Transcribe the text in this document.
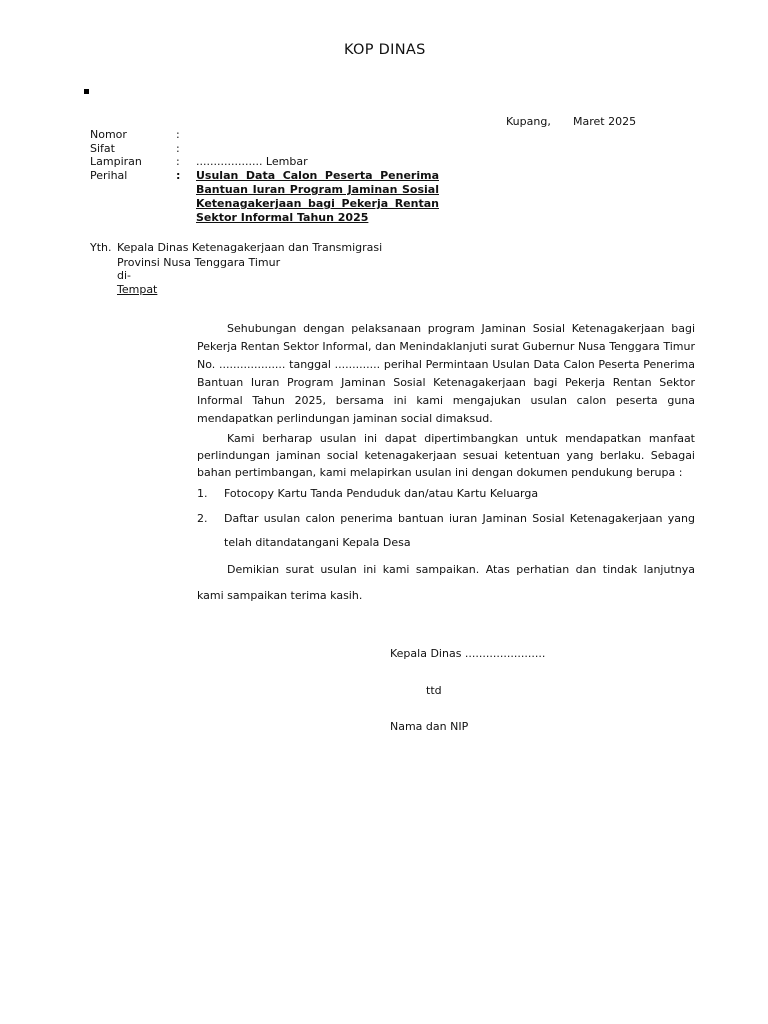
KOP DINAS
Kupang, Maret 2025
Nomor	:
Sifat	:
Lampiran	: ................... Lembar
Perihal	: Usulan Data Calon Peserta Penerima Bantuan Iuran Program Jaminan Sosial Ketenagakerjaan bagi Pekerja Rentan Sektor Informal Tahun 2025
Yth. Kepala Dinas Ketenagakerjaan dan Transmigrasi
Provinsi Nusa Tenggara Timur
di-
Tempat
Sehubungan dengan pelaksanaan program Jaminan Sosial Ketenagakerjaan bagi Pekerja Rentan Sektor Informal, dan Menindaklanjuti surat Gubernur Nusa Tenggara Timur No. ................... tanggal ............. perihal Permintaan Usulan Data Calon Peserta Penerima Bantuan Iuran Program Jaminan Sosial Ketenagakerjaan bagi Pekerja Rentan Sektor Informal Tahun 2025, bersama ini kami mengajukan usulan calon peserta guna mendapatkan perlindungan jaminan social dimaksud.
Kami berharap usulan ini dapat dipertimbangkan untuk mendapatkan manfaat perlindungan jaminan social ketenagakerjaan sesuai ketentuan yang berlaku. Sebagai bahan pertimbangan, kami melapirkan usulan ini dengan dokumen pendukung berupa :
1. Fotocopy Kartu Tanda Penduduk dan/atau Kartu Keluarga
2. Daftar usulan calon penerima bantuan iuran Jaminan Sosial Ketenagakerjaan yang telah ditandatangani Kepala Desa
Demikian surat usulan ini kami sampaikan. Atas perhatian dan tindak lanjutnya kami sampaikan terima kasih.
Kepala Dinas .......................
ttd
Nama dan NIP
